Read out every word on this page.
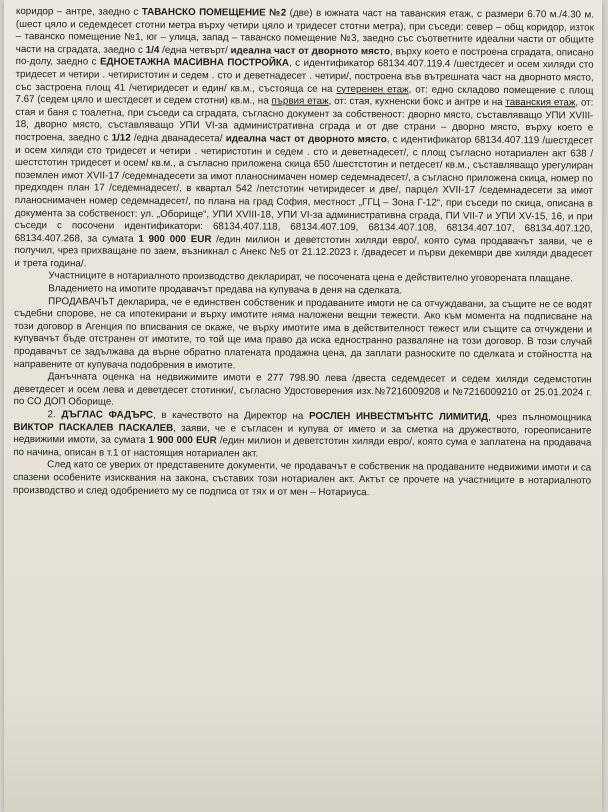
коридор – антре, заедно с ТАВАНСКО ПОМЕЩЕНИЕ №2 (две) в южната част на таванския етаж, с размери 6.70 м./4.30 м. (шест цяло и седемдесет стотни метра върху четири цяло и тридесет стотни метра), при съседи: север – общ коридор, изток – таванско помещение №1, юг – улица, запад – таванско помещение №3, заедно със съответните идеални части от общите части на сградата, заедно с 1/4 /една четвърт/ идеална част от дворното място, върху което е построена сградата, описано по-долу, заедно с ЕДНОЕТАЖНА МАСИВНА ПОСТРОЙКА, с идентификатор 68134.407.119.4 /шестдесет и осем хиляди сто тридесет и четири . четиристотин и седем . сто и деветнадесет . четири/, построена във вътрешната част на дворното място, със застроена площ 41 /четиридесет и един/ кв.м., състояща се на сутеренен етаж, от: едно складово помещение с площ 7.67 (седем цяло и шестдесет и седем стотни) кв.м., на първия етаж, от: стая, кухненски бокс и антре и на таванския етаж, от: стая и баня с тоалетна, при съседи са сградата, съгласно документ за собственост: дворно място, съставляващо УПИ XVIII-18, дворно място, съставляващо УПИ VI-за административна сграда и от две страни – дворно място, върху което е построена, заедно с 1/12 /една дванадесета/ идеална част от дворното място, с идентификатор 68134.407.119 /шестдесет и осем хиляди сто тридесет и четири . четиристотин и седем . сто и деветнадесет/, с площ съгласно нотариален акт 638 /шестстотин тридесет и осем/ кв.м., а съгласно приложена скица 650 /шестстотин и петдесет/ кв.м., съставляващо урегулиран поземлен имот XVII-17 /седемнадесети за имот планоснимачен номер седемнадесет/, а съгласно приложена скица, номер по предходен план 17 /седемнадесет/, в квартал 542 /петстотин четиридесет и две/, парцел XVII-17 /седемнадесети за имот планоснимачен номер седемнадесет/, по плана на град София, местност „ГГЦ – Зона Г-12“, при съседи по скица, описана в документа за собственост: ул. „Оборище“, УПИ XVIII-18, УПИ VI-за административна сграда, ПИ VII-7 и УПИ XV-15, 16, и при съседи с посочени идентификатори: 68134.407.118, 68134.407.109, 68134.407.108, 68134.407.107, 68134.407.120, 68134.407.268, за сумата 1 900 000 EUR /един милион и деветстотин хиляди евро/, която сума продавачът заяви, че е получил, чрез прихващане по заем, възникнал с Анекс №5 от 21.12.2023 г. /двадесет и първи декември две хиляди двадесет и трета година/.

Участниците в нотариалното производство декларират, че посочената цена е действително уговорената плащане.

Владението на имотите продавачът предава на купувача в деня на сделката.

ПРОДАВАЧЪТ декларира, че е единствен собственик и продаваните имоти не са отчуждавани, за същите не се водят съдебни спорове, не са ипотекирани и върху имотите няма наложени вещни тежести. Ако към момента на подписване на този договор в Агенция по вписвания се окаже, че върху имотите има в действителност тежест или същите са отчуждени и купувачът бъде отстранен от имотите, то той ще има право да иска едностранно разваляне на този договор. В този случай продавачът се задължава да върне обратно платената продажна цена, да заплати разноските по сделката и стойността на направените от купувача подобрения в имотите.

Данъчната оценка на недвижимите имоти е 277 798.90 лева /двеста седемдесет и седем хиляди седемстотин деветдесет и осем лева и деветдесет стотинки/, съгласно Удостоверения изх.№7216009208 и №7216009210 от 25.01.2024 г. по СО ДОП Оборище.

2. ДЪГЛАС ФАДЪРС, в качеството на Директор на РОСЛЕН ИНВЕСТМЪНТС ЛИМИТИД, чрез пълномощника ВИКТОР ПАСКАЛЕВ ПАСКАЛЕВ, заяви, че е съгласен и купува от името и за сметка на дружеството, гореописаните недвижими имоти, за сумата 1 900 000 EUR /един милион и деветстотин хиляди евро/, която сума е заплатена на продавача по начина, описан в т.1 от настоящия нотариален акт.

След като се уверих от представените документи, че продавачът е собственик на продаваните недвижими имоти и са спазени особените изисквания на закона, съставих този нотариален акт. Актът се прочете на участниците в нотариалното производство и след одобрението му се подписа от тях и от мен – Нотариуса.
